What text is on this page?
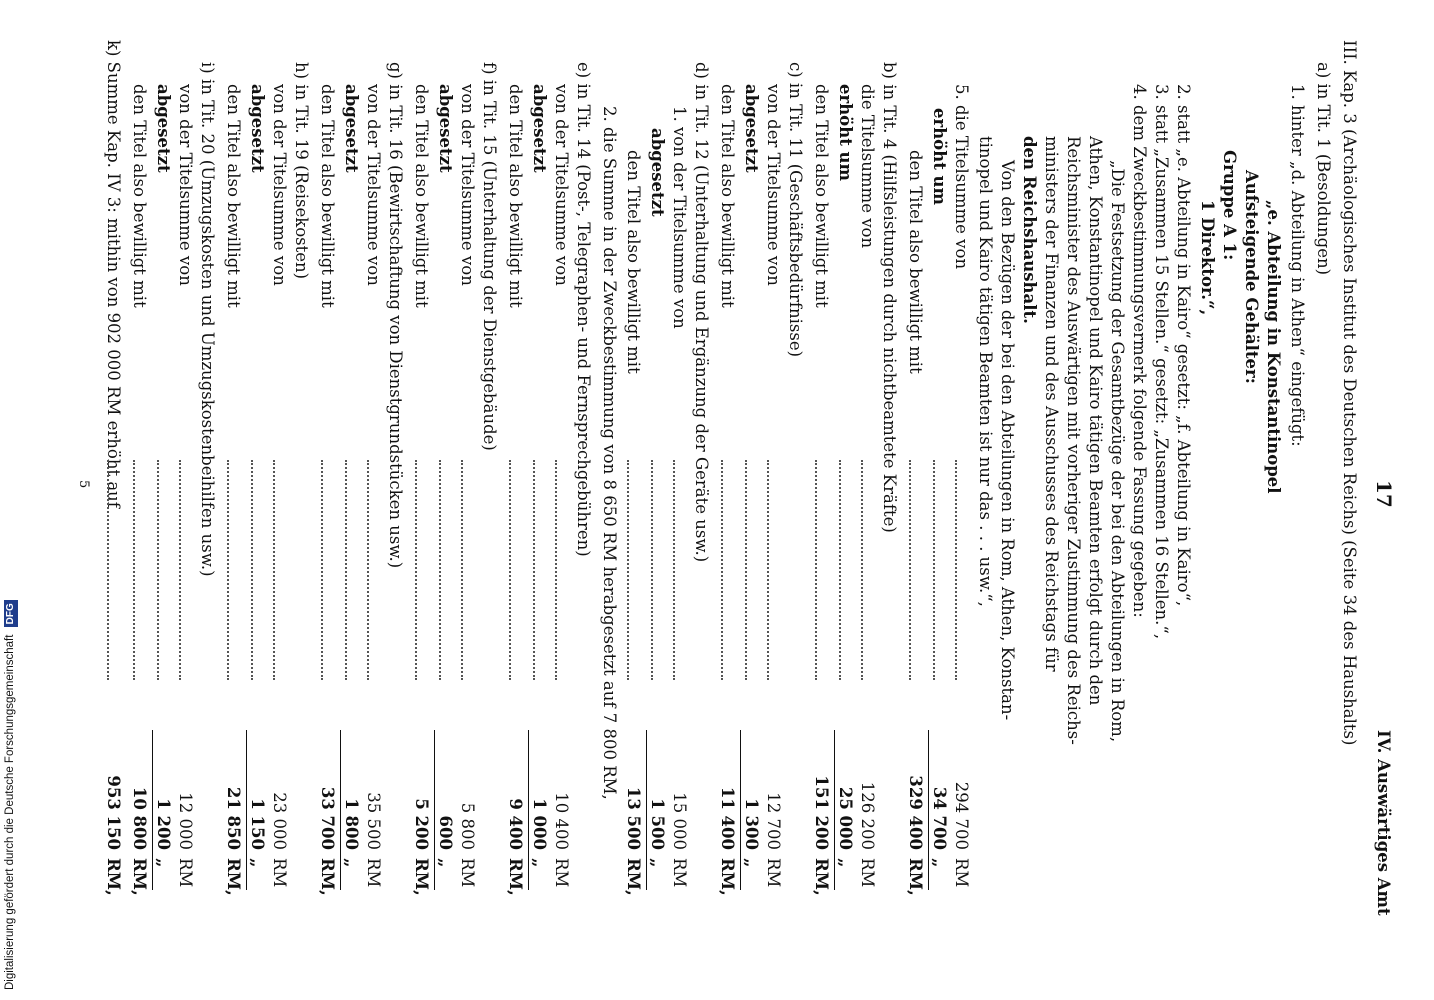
Digitalisierung gefördert durch die Deutsche Forschungsgemeinschaft DFG
17
IV. Auswärtiges Amt
III. Kap. 3 (Archäologisches Institut des Deutschen Reichs) (Seite 34 des Haushalts)
a) in Tit. 1 (Besoldungen)
1. hinter „d. Abteilung in Athen“ eingefügt:
„e. Abteilung in Konstantinopel
Aufsteigende Gehälter:
Gruppe A 1:
1 Direktor.“,
2. statt „e. Abteilung in Kairo“ gesetzt: „f. Abteilung in Kairo“,
3. statt „Zusammen 15 Stellen.“ gesetzt: „Zusammen 16 Stellen.“,
4. dem Zweckbestimmungsvermerk folgende Fassung gegeben:
„Die Festsetzung der Gesamtbezüge der bei den Abteilungen in Rom,
Athen, Konstantinopel und Kairo tätigen Beamten erfolgt durch den
Reichsminister des Auswärtigen mit vorheriger Zustimmung des Reichs-
ministers der Finanzen und des Ausschusses des Reichstags für
den Reichshaushalt.
Von den Bezügen der bei den Abteilungen in Rom, Athen, Konstan-
tinopel und Kairo tätigen Beamten ist nur das . . . usw.“,
5. die Titelsumme von
erhöht um
den Titel also bewilligt mit
b) in Tit. 4 (Hilfsleistungen durch nichtbeamtete Kräfte)
die Titelsumme von
erhöht um
den Titel also bewilligt mit
c) in Tit. 11 (Geschäftsbedürfnisse)
von der Titelsumme von
abgesetzt
den Titel also bewilligt mit
d) in Tit. 12 (Unterhaltung und Ergänzung der Geräte usw.)
1. von der Titelsumme von
abgesetzt
den Titel also bewilligt mit
2. die Summe in der Zweckbestimmung von 8 650 RM herabgesetzt auf 7 800 RM,
e) in Tit. 14 (Post-, Telegraphen- und Fernsprechgebühren)
von der Titelsumme von
abgesetzt
den Titel also bewilligt mit
f) in Tit. 15 (Unterhaltung der Dienstgebäude)
von der Titelsumme von
abgesetzt
den Titel also bewilligt mit
g) in Tit. 16 (Bewirtschaftung von Dienstgrundstücken usw.)
von der Titelsumme von
abgesetzt
den Titel also bewilligt mit
h) in Tit. 19 (Reisekosten)
von der Titelsumme von
abgesetzt
den Titel also bewilligt mit
i) in Tit. 20 (Umzugskosten und Umzugskostenbeihilfen usw.)
von der Titelsumme von
abgesetzt
den Titel also bewilligt mit
k) Summe Kap. IV 3: mithin von 902 000 RM erhöht auf
294 700
RM
34 700
„
329 400
RM,
126 200
RM
25 000
„
151 200
RM,
12 700
RM
1 300
„
11 400
RM,
15 000
RM
1 500
„
13 500
RM,
10 400
RM
1 000
„
9 400
RM,
5 800
RM
600
„
5 200
RM,
35 500
RM
1 800
„
33 700
RM,
23 000
RM
1 150
„
21 850
RM,
12 000
RM
1 200
„
10 800
RM,
953 150
RM,
5
